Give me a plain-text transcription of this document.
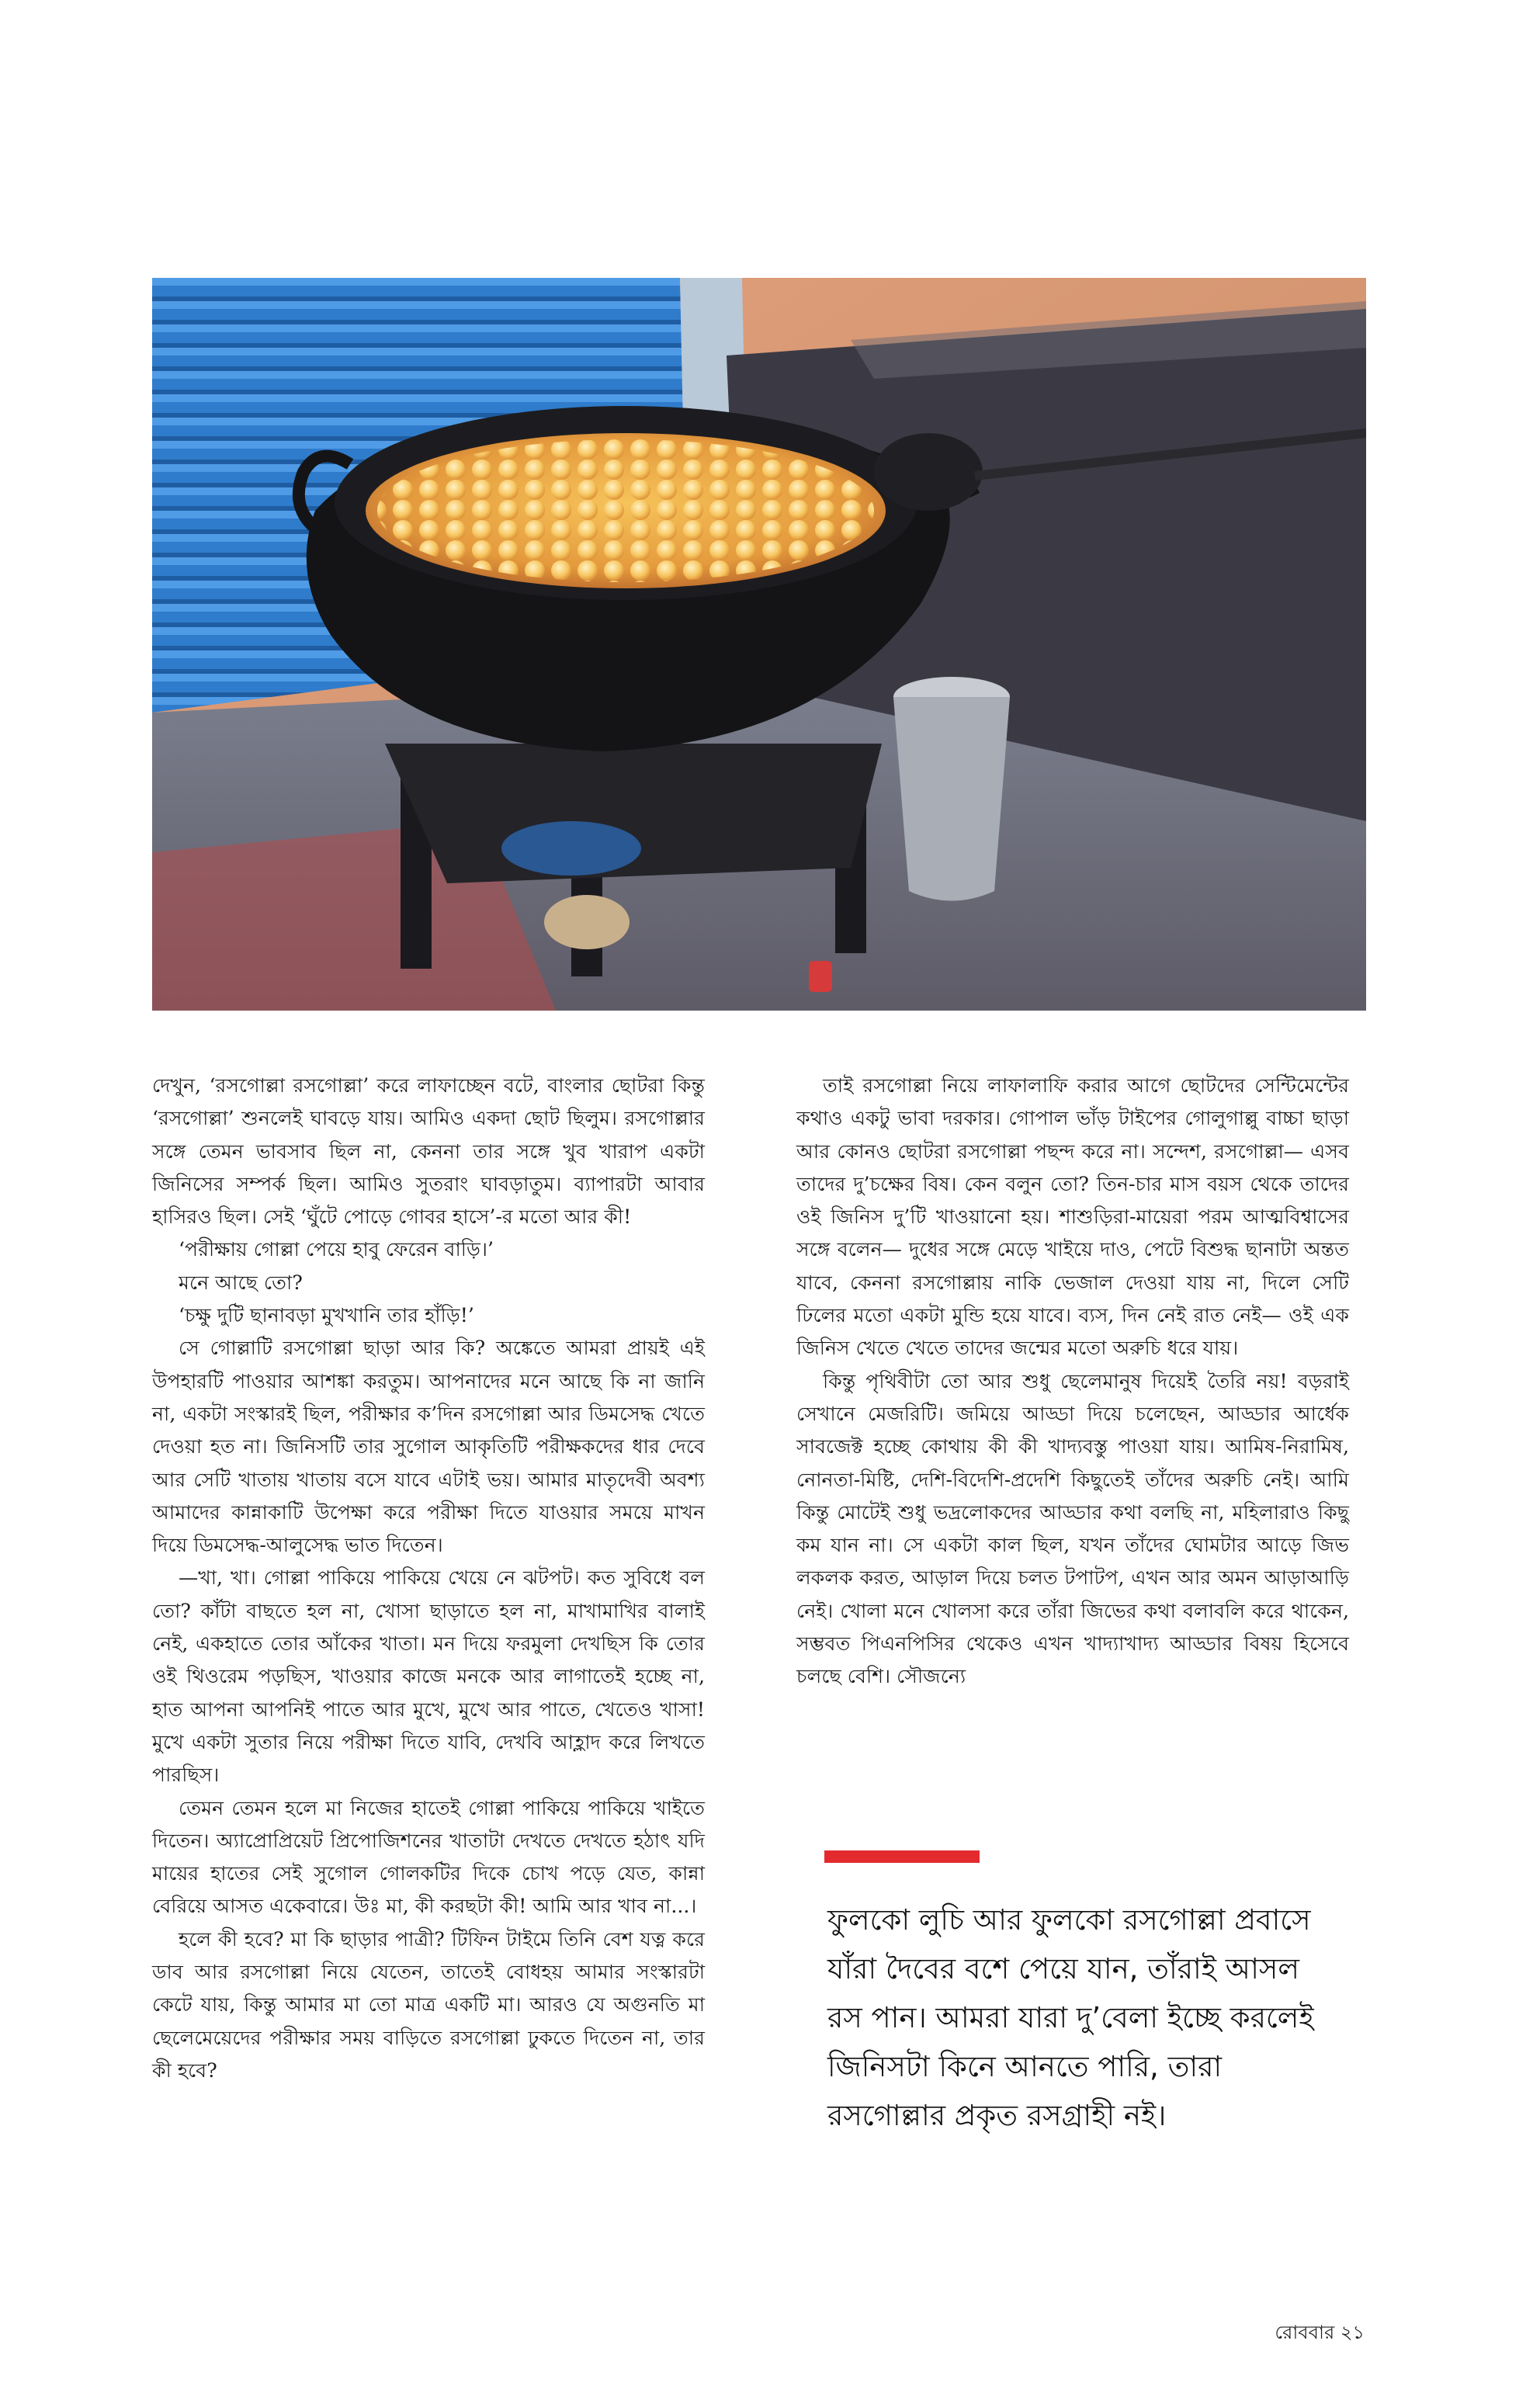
দেখুন, ‘রসগোল্লা রসগোল্লা’ করে লাফাচ্ছেন বটে, বাংলার ছোটরা কিন্তু ‘রসগোল্লা’ শুনলেই ঘাবড়ে যায়। আমিও একদা ছোট ছিলুম। রসগোল্লার সঙ্গে তেমন ভাবসাব ছিল না, কেননা তার সঙ্গে খুব খারাপ একটা জিনিসের সম্পর্ক ছিল। আমিও সুতরাং ঘাবড়াতুম। ব্যাপারটা আবার হাসিরও ছিল। সেই ‘ঘুঁটে পোড়ে গোবর হাসে’-র মতো আর কী!

‘পরীক্ষায় গোল্লা পেয়ে হাবু ফেরেন বাড়ি।’

মনে আছে তো?

‘চক্ষু দুটি ছানাবড়া মুখখানি তার হাঁড়ি!’

সে গোল্লাটি রসগোল্লা ছাড়া আর কি? অঙ্কেতে আমরা প্রায়ই এই উপহারটি পাওয়ার আশঙ্কা করতুম। আপনাদের মনে আছে কি না জানি না, একটা সংস্কারই ছিল, পরীক্ষার ক’দিন রসগোল্লা আর ডিমসেদ্ধ খেতে দেওয়া হত না। জিনিসটি তার সুগোল আকৃতিটি পরীক্ষকদের ধার দেবে আর সেটি খাতায় খাতায় বসে যাবে এটাই ভয়। আমার মাতৃদেবী অবশ্য আমাদের কান্নাকাটি উপেক্ষা করে পরীক্ষা দিতে যাওয়ার সময়ে মাখন দিয়ে ডিমসেদ্ধ-আলুসেদ্ধ ভাত দিতেন।

—খা, খা। গোল্লা পাকিয়ে পাকিয়ে খেয়ে নে ঝটপট। কত সুবিধে বল তো? কাঁটা বাছতে হল না, খোসা ছাড়াতে হল না, মাখামাখির বালাই নেই, একহাতে তোর আঁকের খাতা। মন দিয়ে ফরমুলা দেখছিস কি তোর ওই থিওরেম পড়ছিস, খাওয়ার কাজে মনকে আর লাগাতেই হচ্ছে না, হাত আপনা আপনিই পাতে আর মুখে, মুখে আর পাতে, খেতেও খাসা! মুখে একটা সুতার নিয়ে পরীক্ষা দিতে যাবি, দেখবি আহ্লাদ করে লিখতে পারছিস।

তেমন তেমন হলে মা নিজের হাতেই গোল্লা পাকিয়ে পাকিয়ে খাইতে দিতেন। অ্যাপ্রোপ্রিয়েট প্রিপোজিশনের খাতাটা দেখতে দেখতে হঠাৎ যদি মায়ের হাতের সেই সুগোল গোলকটির দিকে চোখ পড়ে যেত, কান্না বেরিয়ে আসত একেবারে। উঃ মা, কী করছটা কী! আমি আর খাব না...।

হলে কী হবে? মা কি ছাড়ার পাত্রী? টিফিন টাইমে তিনি বেশ যত্ন করে ডাব আর রসগোল্লা নিয়ে যেতেন, তাতেই বোধহয় আমার সংস্কারটা কেটে যায়, কিন্তু আমার মা তো মাত্র একটি মা। আরও যে অগুনতি মা ছেলেমেয়েদের পরীক্ষার সময় বাড়িতে রসগোল্লা ঢুকতে দিতেন না, তার কী হবে?

তাই রসগোল্লা নিয়ে লাফালাফি করার আগে ছোটদের সেন্টিমেন্টের কথাও একটু ভাবা দরকার। গোপাল ভাঁড় টাইপের গোলুগাল্লু বাচ্চা ছাড়া আর কোনও ছোটরা রসগোল্লা পছন্দ করে না। সন্দেশ, রসগোল্লা— এসব তাদের দু’চক্ষের বিষ। কেন বলুন তো? তিন-চার মাস বয়স থেকে তাদের ওই জিনিস দু’টি খাওয়ানো হয়। শাশুড়িরা-মায়েরা পরম আত্মবিশ্বাসের সঙ্গে বলেন— দুধের সঙ্গে মেড়ে খাইয়ে দাও, পেটে বিশুদ্ধ ছানাটা অন্তত যাবে, কেননা রসগোল্লায় নাকি ভেজাল দেওয়া যায় না, দিলে সেটি ঢিলের মতো একটা মুন্ডি হয়ে যাবে। ব্যস, দিন নেই রাত নেই— ওই এক জিনিস খেতে খেতে তাদের জন্মের মতো অরুচি ধরে যায়।

কিন্তু পৃথিবীটা তো আর শুধু ছেলেমানুষ দিয়েই তৈরি নয়! বড়রাই সেখানে মেজরিটি। জমিয়ে আড্ডা দিয়ে চলেছেন, আড্ডার আর্ধেক সাবজেক্ট হচ্ছে কোথায় কী কী খাদ্যবস্তু পাওয়া যায়। আমিষ-নিরামিষ, নোনতা-মিষ্টি, দেশি-বিদেশি-প্রদেশি কিছুতেই তাঁদের অরুচি নেই। আমি কিন্তু মোটেই শুধু ভদ্রলোকদের আড্ডার কথা বলছি না, মহিলারাও কিছু কম যান না। সে একটা কাল ছিল, যখন তাঁদের ঘোমটার আড়ে জিভ লকলক করত, আড়াল দিয়ে চলত টপাটপ, এখন আর অমন আড়াআড়ি নেই। খোলা মনে খোলসা করে তাঁরা জিভের কথা বলাবলি করে থাকেন, সম্ভবত পিএনপিসির থেকেও এখন খাদ্যাখাদ্য আড্ডার বিষয় হিসেবে চলছে বেশি। সৌজন্যে

ফুলকো লুচি আর ফুলকো রসগোল্লা প্রবাসে যাঁরা দৈবের বশে পেয়ে যান, তাঁরাই আসল রস পান। আমরা যারা দু’বেলা ইচ্ছে করলেই জিনিসটা কিনে আনতে পারি, তারা রসগোল্লার প্রকৃত রসগ্রাহী নই।

রোববার ২১
